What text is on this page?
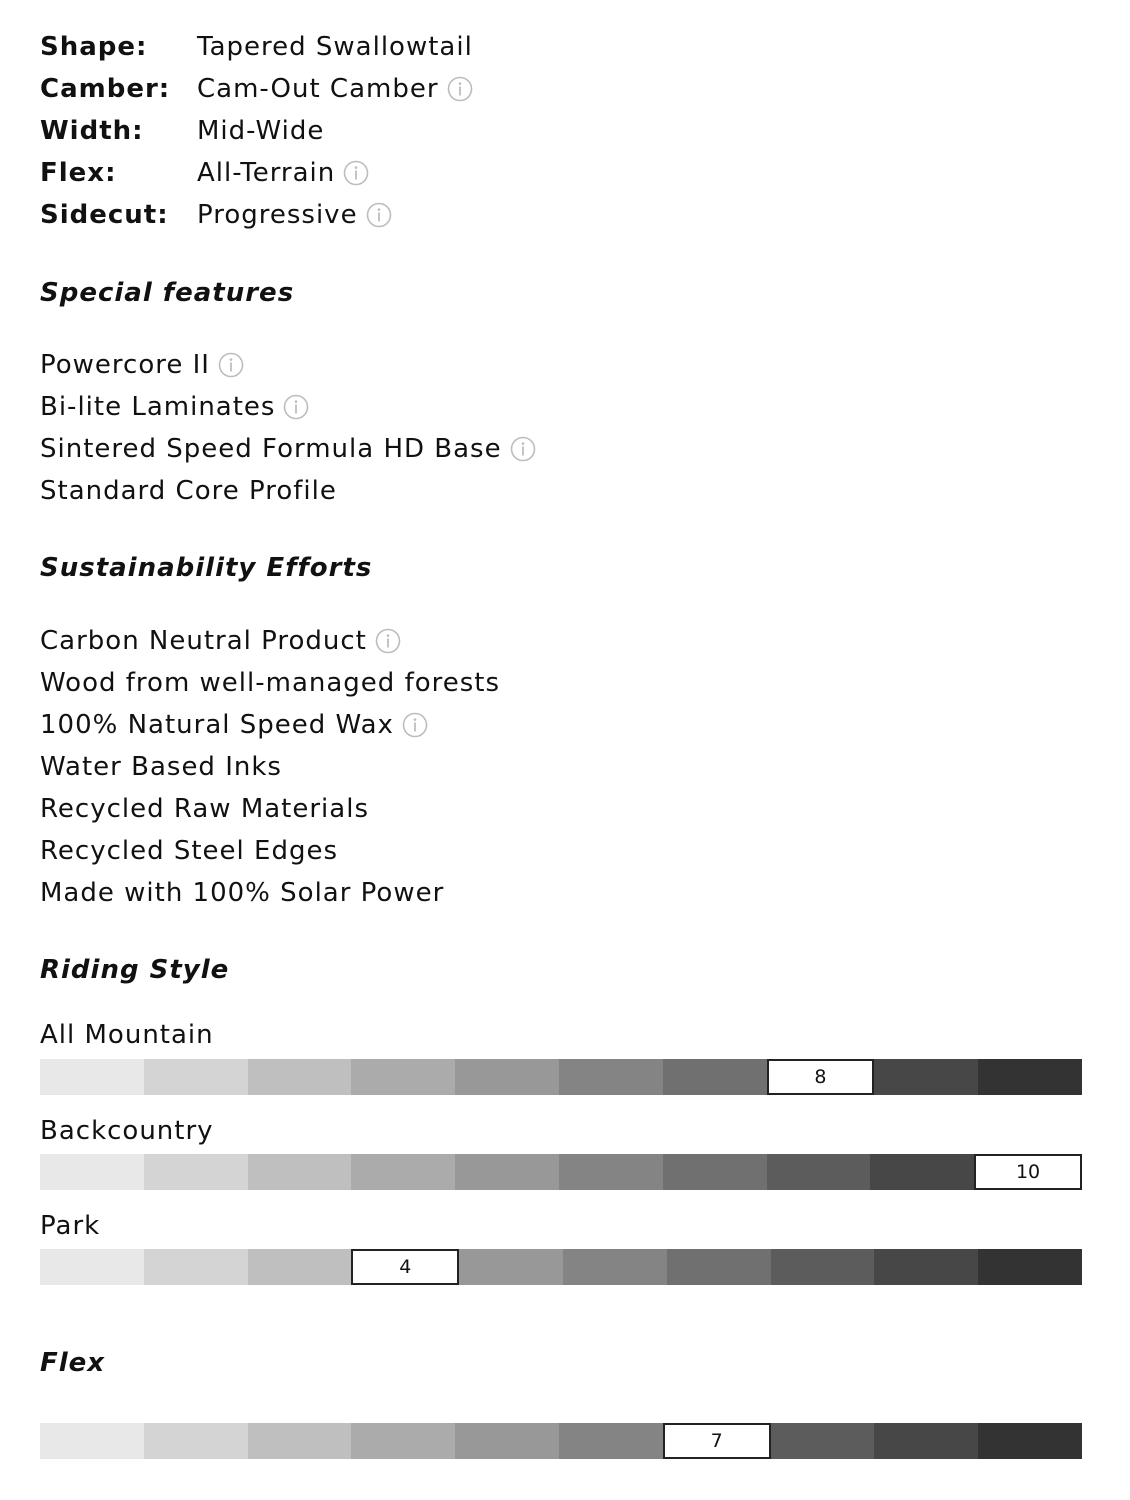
Shape:	Tapered Swallowtail
Camber:	Cam-Out Camber
Width:	Mid-Wide
Flex:	All-Terrain
Sidecut:	Progressive
Special features
Powercore II
Bi-lite Laminates
Sintered Speed Formula HD Base
Standard Core Profile
Sustainability Efforts
Carbon Neutral Product
Wood from well-managed forests
100% Natural Speed Wax
Water Based Inks
Recycled Raw Materials
Recycled Steel Edges
Made with 100% Solar Power
Riding Style
All Mountain
8
Backcountry
10
Park
4
Flex
7
